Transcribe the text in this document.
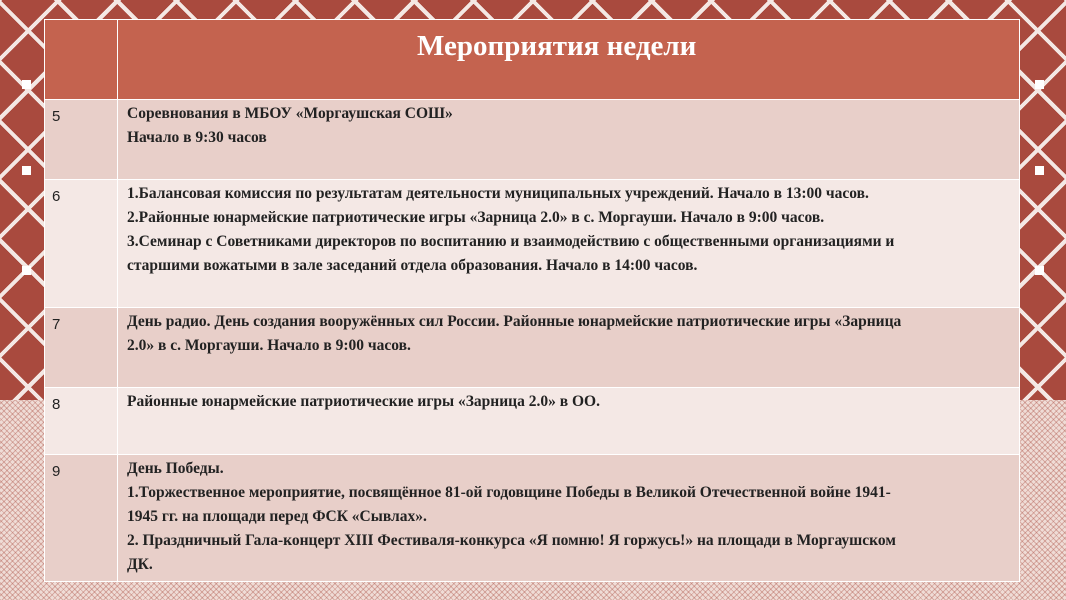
	Мероприятия недели
5	Соревнования в МБОУ «Моргаушская СОШ»
Начало в 9:30 часов

6	1.Балансовая комиссия по результатам деятельности муниципальных учреждений. Начало в 13:00 часов.
2.Районные юнармейские патриотические игры «Зарница 2.0» в с. Моргауши. Начало в 9:00 часов.
3.Семинар с Советниками директоров по воспитанию и взаимодействию с общественными организациями и
старшими вожатыми в зале заседаний отдела образования. Начало в 14:00 часов.

7	День радио. День создания вооружённых сил России. Районные юнармейские патриотические игры «Зарница
2.0» в с. Моргауши. Начало в 9:00 часов.

8	Районные юнармейские патриотические игры «Зарница 2.0» в ОО.

9	День Победы.
1.Торжественное мероприятие, посвящённое 81-ой годовщине Победы в Великой Отечественной войне 1941-
1945 гг. на площади перед ФСК «Сывлах».
2. Праздничный Гала-концерт XIII Фестиваля-конкурса «Я помню! Я горжусь!» на площади в Моргаушском
ДК.
